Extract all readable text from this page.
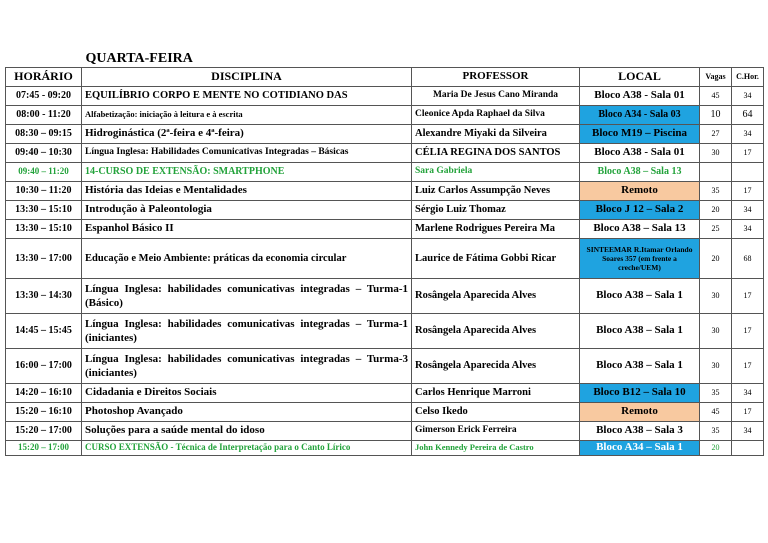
	QUARTA-FEIRA				
HORÁRIO	DISCIPLINA	PROFESSOR	LOCAL	Vagas	C.Hor.
07:45 - 09:20	EQUILÍBRIO CORPO E MENTE NO COTIDIANO DAS	Maria De Jesus Cano Miranda	Bloco A38 - Sala 01	45	34
08:00 - 11:20	Alfabetização: iniciação à leitura e à escrita	Cleonice Apda Raphael da Silva	Bloco A34 - Sala 03	10	64
08:30 – 09:15	Hidroginástica (2ª-feira e 4ª-feira)	Alexandre Miyaki da Silveira	Bloco M19 – Piscina	27	34
09:40 – 10:30	Língua Inglesa: Habilidades Comunicativas Integradas – Básicas	CÉLIA REGINA DOS SANTOS	Bloco A38 - Sala 01	30	17
09:40 – 11:20	14-CURSO DE EXTENSÃO: SMARTPHONE	Sara Gabriela	Bloco A38 – Sala 13		
10:30 – 11:20	História das Ideias e Mentalidades	Luiz Carlos Assumpção Neves	Remoto	35	17
13:30 – 15:10	Introdução à Paleontologia	Sérgio Luiz Thomaz	Bloco J 12 – Sala 2	20	34
13:30 – 15:10	Espanhol Básico II	Marlene Rodrigues Pereira Ma	Bloco A38 – Sala 13	25	34
13:30 – 17:00	Educação e Meio Ambiente: práticas da economia circular	Laurice de Fátima Gobbi Ricar	SINTEEMAR R.Itamar Orlando Soares 357 (em frente a creche/UEM)	20	68
13:30 – 14:30	Língua Inglesa: habilidades comunicativas integradas – Turma-1 (Básico)	Rosângela Aparecida Alves	Bloco A38 – Sala 1	30	17
14:45 – 15:45	Língua Inglesa: habilidades comunicativas integradas – Turma-1 (iniciantes)	Rosângela Aparecida Alves	Bloco A38 – Sala 1	30	17
16:00 – 17:00	Língua Inglesa: habilidades comunicativas integradas – Turma-3 (iniciantes)	Rosângela Aparecida Alves	Bloco A38 – Sala 1	30	17
14:20 – 16:10	Cidadania e Direitos Sociais	Carlos Henrique Marroni	Bloco B12 – Sala 10	35	34
15:20 – 16:10	Photoshop Avançado	Celso Ikedo	Remoto	45	17
15:20 – 17:00	Soluções para a saúde mental do idoso	Gimerson Erick Ferreira	Bloco A38 – Sala 3	35	34
15:20 – 17:00	CURSO EXTENSÃO - Técnica de Interpretação para o Canto Lírico	John Kennedy Pereira de Castro	Bloco A34 – Sala 1	20	
